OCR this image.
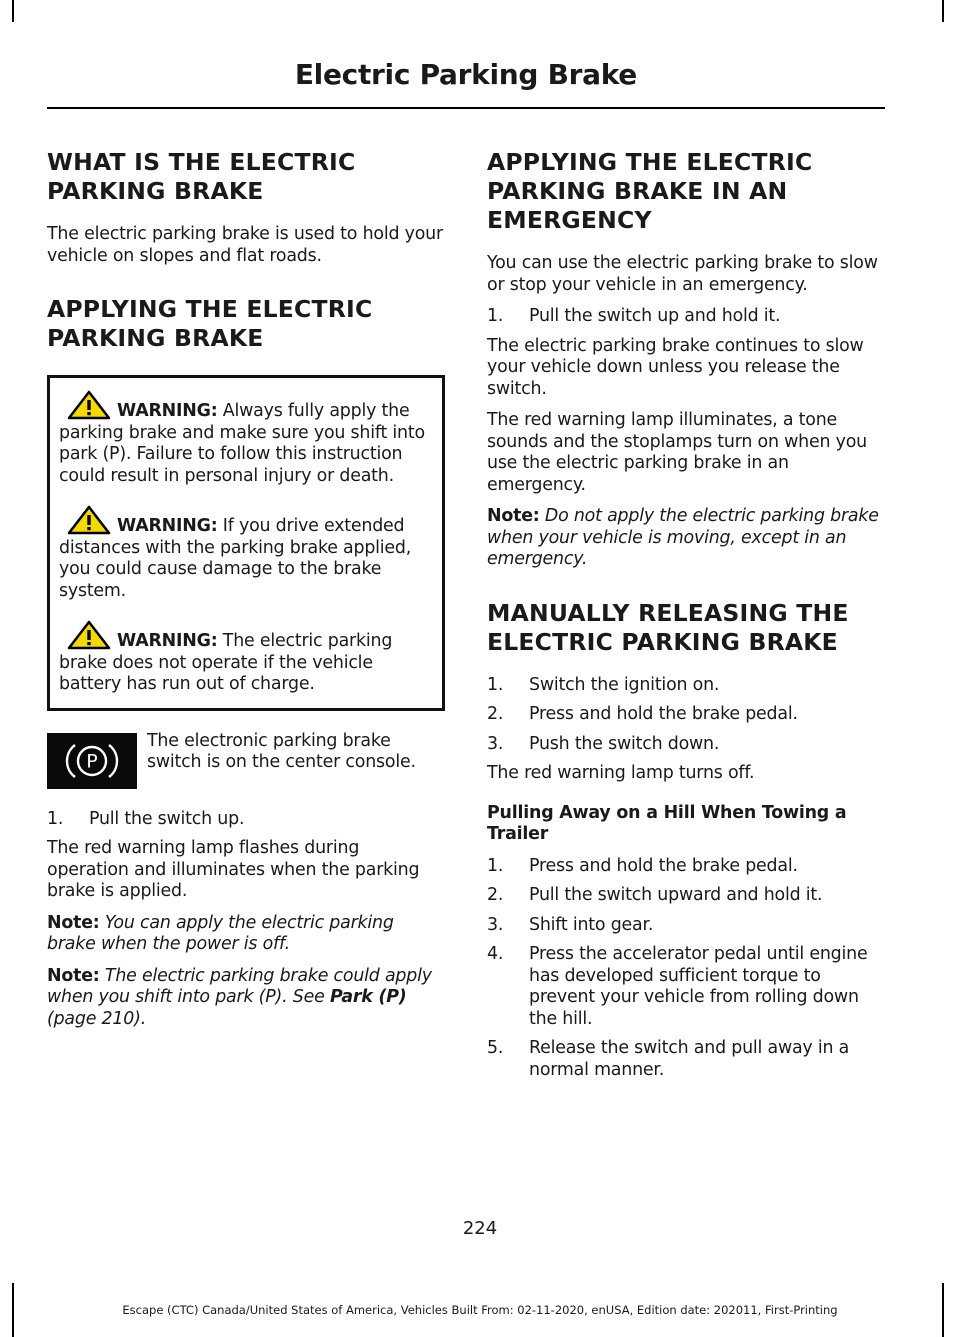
Electric Parking Brake
WHAT IS THE ELECTRIC PARKING BRAKE

The electric parking brake is used to hold your vehicle on slopes and flat roads.

APPLYING THE ELECTRIC PARKING BRAKE

WARNING: Always fully apply the parking brake and make sure you shift into park (P). Failure to follow this instruction could result in personal injury or death.

WARNING: If you drive extended distances with the parking brake applied, you could cause damage to the brake system.

WARNING: The electric parking brake does not operate if the vehicle battery has run out of charge.

P

The electronic parking brake switch is on the center console.

1. Pull the switch up.

The red warning lamp flashes during operation and illuminates when the parking brake is applied.

Note: You can apply the electric parking brake when the power is off.

Note: The electric parking brake could apply when you shift into park (P). See Park (P) (page 210).

APPLYING THE ELECTRIC PARKING BRAKE IN AN EMERGENCY

You can use the electric parking brake to slow or stop your vehicle in an emergency.

1. Pull the switch up and hold it.

The electric parking brake continues to slow your vehicle down unless you release the switch.

The red warning lamp illuminates, a tone sounds and the stoplamps turn on when you use the electric parking brake in an emergency.

Note: Do not apply the electric parking brake when your vehicle is moving, except in an emergency.

MANUALLY RELEASING THE ELECTRIC PARKING BRAKE
1. Switch the ignition on.
2. Press and hold the brake pedal.
3. Push the switch down.

The red warning lamp turns off.

Pulling Away on a Hill When Towing a Trailer

1. Press and hold the brake pedal.
2. Pull the switch upward and hold it.
3. Shift into gear.
4. Press the accelerator pedal until engine has developed sufficient torque to prevent your vehicle from rolling down the hill.
5. Release the switch and pull away in a normal manner.
224
Escape (CTC) Canada/United States of America, Vehicles Built From: 02-11-2020, enUSA, Edition date: 202011, First-Printing
